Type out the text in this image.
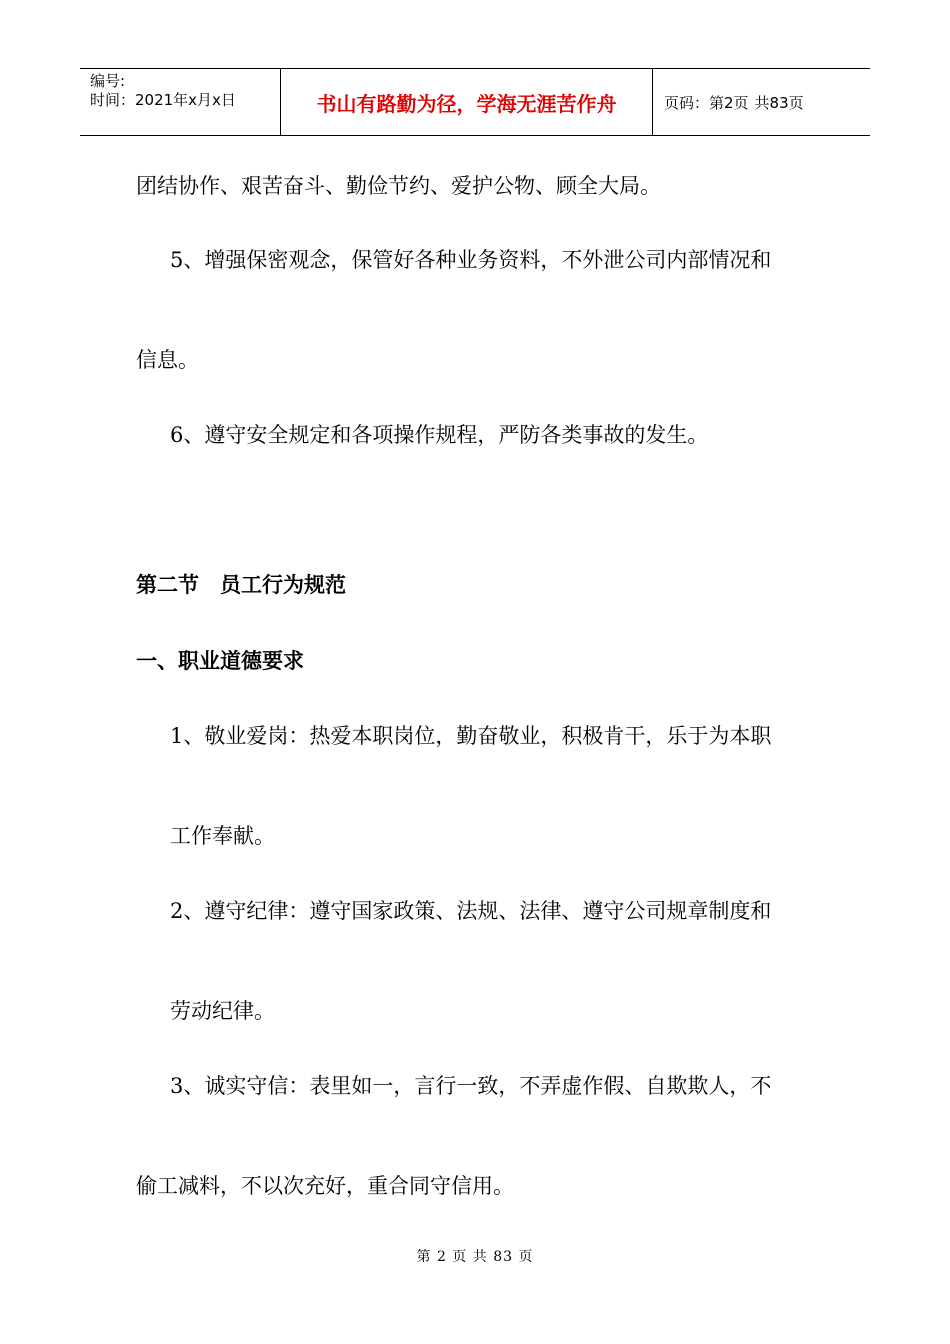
编号:
时间：2021年x月x日	书山有路勤为径，学海无涯苦作舟	页码：第2页 共83页
团结协作、艰苦奋斗、勤俭节约、爱护公物、顾全大局。
5、增强保密观念，保管好各种业务资料，不外泄公司内部情况和
信息。
6、遵守安全规定和各项操作规程，严防各类事故的发生。
第二节　员工行为规范
一、职业道德要求
1、敬业爱岗：热爱本职岗位，勤奋敬业，积极肯干，乐于为本职
工作奉献。
2、遵守纪律：遵守国家政策、法规、法律、遵守公司规章制度和
劳动纪律。
3、诚实守信：表里如一，言行一致，不弄虚作假、自欺欺人，不
偷工减料，不以次充好，重合同守信用。
第 2 页 共 83 页
